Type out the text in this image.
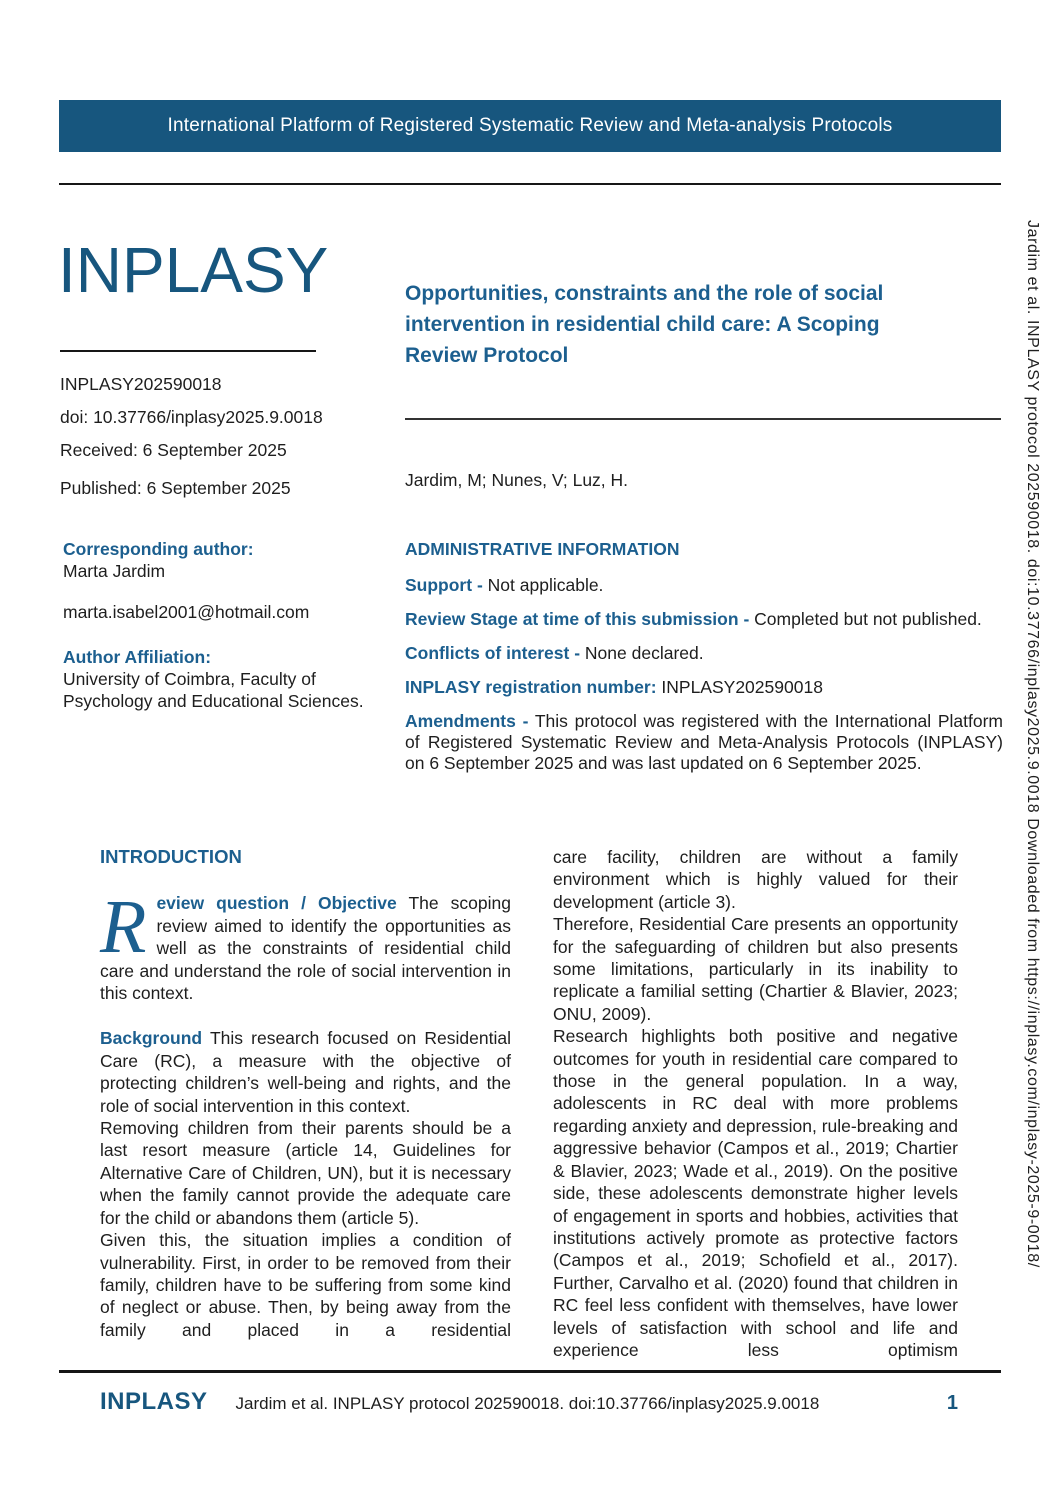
International Platform of Registered Systematic Review and Meta-analysis Protocols
INPLASY

INPLASY202590018

doi: 10.37766/inplasy2025.9.0018

Received: 6 September 2025

Published: 6 September 2025

Corresponding author:

Marta Jardim

marta.isabel2001@hotmail.com

Author Affiliation:

University of Coimbra, Faculty of Psychology and Educational Sciences.

Opportunities, constraints and the role of social intervention in residential child care: A Scoping Review Protocol

Jardim, M; Nunes, V; Luz, H.

ADMINISTRATIVE INFORMATION

Support - Not applicable.

Review Stage at time of this submission - Completed but not published.

Conflicts of interest - None declared.

INPLASY registration number: INPLASY202590018

Amendments - This protocol was registered with the International Platform of Registered Systematic Review and Meta-Analysis Protocols (INPLASY) on 6 September 2025 and was last updated on 6 September 2025.

INTRODUCTION

Review question / Objective The scoping review aimed to identify the opportunities as well as the constraints of residential child care and understand the role of social intervention in this context.

Background This research focused on Residential Care (RC), a measure with the objective of protecting children’s well-being and rights, and the role of social intervention in this context.

Removing children from their parents should be a last resort measure (article 14, Guidelines for Alternative Care of Children, UN), but it is necessary when the family cannot provide the adequate care for the child or abandons them (article 5).

Given this, the situation implies a condition of vulnerability. First, in order to be removed from their family, children have to be suffering from some kind of neglect or abuse. Then, by being away from the family and placed in a residential

care facility, children are without a family environment which is highly valued for their development (article 3).

Therefore, Residential Care presents an opportunity for the safeguarding of children but also presents some limitations, particularly in its inability to replicate a familial setting (Chartier & Blavier, 2023; ONU, 2009).

Research highlights both positive and negative outcomes for youth in residential care compared to those in the general population. In a way, adolescents in RC deal with more problems regarding anxiety and depression, rule-breaking and aggressive behavior (Campos et al., 2019; Chartier & Blavier, 2023; Wade et al., 2019). On the positive side, these adolescents demonstrate higher levels of engagement in sports and hobbies, activities that institutions actively promote as protective factors (Campos et al., 2019; Schofield et al., 2017). Further, Carvalho et al. (2020) found that children in RC feel less confident with themselves, have lower levels of satisfaction with school and life and experience less optimism

INPLASY Jardim et al. INPLASY protocol 202590018. doi:10.37766/inplasy2025.9.0018	1
Jardim et al. INPLASY protocol 202590018. doi:10.37766/inplasy2025.9.0018 Downloaded from https://inplasy.com/inplasy-2025-9-0018/
